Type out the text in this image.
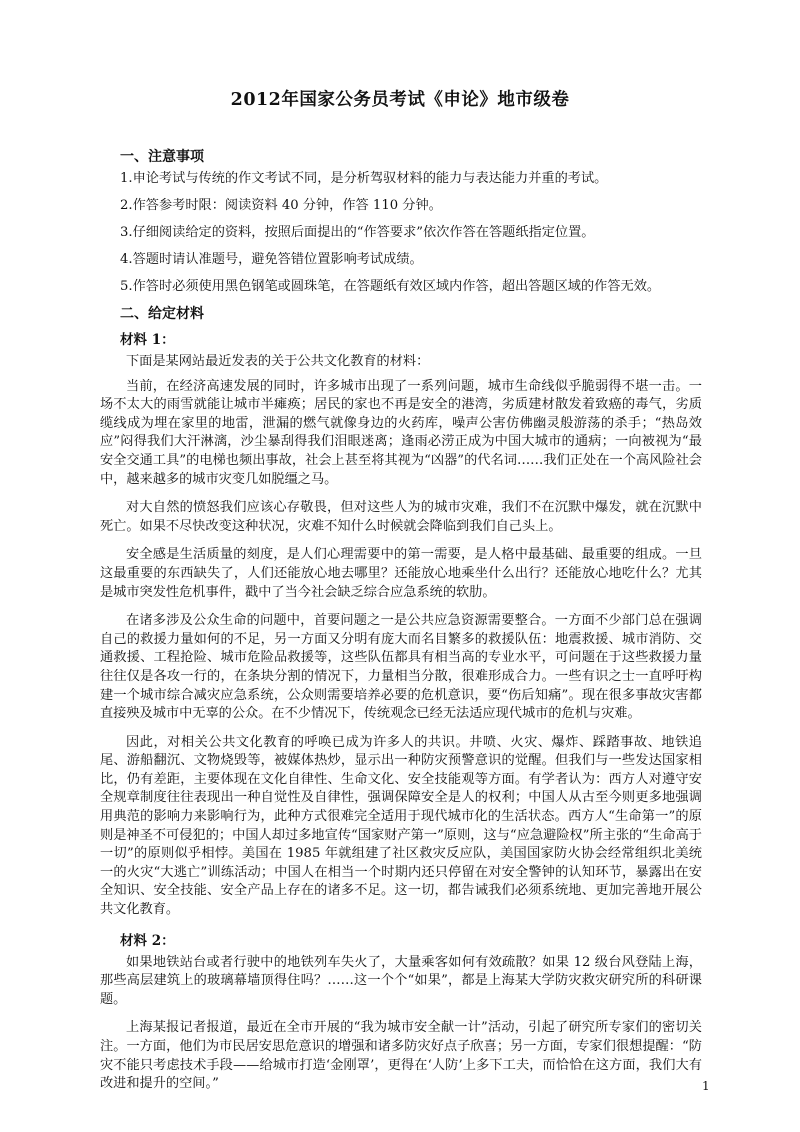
2012年国家公务员考试《申论》地市级卷
一、注意事项
1.申论考试与传统的作文考试不同，是分析驾驭材料的能力与表达能力并重的考试。
2.作答参考时限：阅读资料 40 分钟，作答 110 分钟。
3.仔细阅读给定的资料，按照后面提出的“作答要求”依次作答在答题纸指定位置。
4.答题时请认准题号，避免答错位置影响考试成绩。
5.作答时必须使用黑色钢笔或圆珠笔，在答题纸有效区域内作答，超出答题区域的作答无效。
二、给定材料
材料 1：
下面是某网站最近发表的关于公共文化教育的材料：
当前，在经济高速发展的同时，许多城市出现了一系列问题，城市生命线似乎脆弱得不堪一击。一场不太大的雨雪就能让城市半瘫痪；居民的家也不再是安全的港湾，劣质建材散发着致癌的毒气，劣质缆线成为埋在家里的地雷，泄漏的燃气就像身边的火药库，噪声公害仿佛幽灵般游荡的杀手；“热岛效应”闷得我们大汗淋漓，沙尘暴刮得我们泪眼迷离；逢雨必涝正成为中国大城市的通病；一向被视为“最安全交通工具”的电梯也频出事故，社会上甚至将其视为“凶器”的代名词……我们正处在一个高风险社会中，越来越多的城市灾变几如脱缰之马。
对大自然的愤怒我们应该心存敬畏，但对这些人为的城市灾难，我们不在沉默中爆发，就在沉默中死亡。如果不尽快改变这种状况，灾难不知什么时候就会降临到我们自己头上。
安全感是生活质量的刻度，是人们心理需要中的第一需要，是人格中最基础、最重要的组成。一旦这最重要的东西缺失了，人们还能放心地去哪里？还能放心地乘坐什么出行？还能放心地吃什么？尤其是城市突发性危机事件，戳中了当今社会缺乏综合应急系统的软肋。
在诸多涉及公众生命的问题中，首要问题之一是公共应急资源需要整合。一方面不少部门总在强调自己的救援力量如何的不足，另一方面又分明有庞大而名目繁多的救援队伍：地震救援、城市消防、交通救援、工程抢险、城市危险品救援等，这些队伍都具有相当高的专业水平，可问题在于这些救援力量往往仅是各攻一行的，在条块分割的情况下，力量相当分散，很难形成合力。一些有识之士一直呼吁构建一个城市综合减灾应急系统，公众则需要培养必要的危机意识，要“伤后知痛”。现在很多事故灾害都直接殃及城市中无辜的公众。在不少情况下，传统观念已经无法适应现代城市的危机与灾难。
因此，对相关公共文化教育的呼唤已成为许多人的共识。井喷、火灾、爆炸、踩踏事故、地铁追尾、游船翻沉、文物烧毁等，被媒体热炒，显示出一种防灾预警意识的觉醒。但我们与一些发达国家相比，仍有差距，主要体现在文化自律性、生命文化、安全技能观等方面。有学者认为：西方人对遵守安全规章制度往往表现出一种自觉性及自律性，强调保障安全是人的权利；中国人从古至今则更多地强调用典范的影响力来影响行为，此种方式很难完全适用于现代城市化的生活状态。西方人“生命第一”的原则是神圣不可侵犯的；中国人却过多地宣传“国家财产第一”原则，这与“应急避险权”所主张的“生命高于一切”的原则似乎相悖。美国在 1985 年就组建了社区救灾反应队，美国国家防火协会经常组织北美统一的火灾“大逃亡”训练活动；中国人在相当一个时期内还只停留在对安全警钟的认知环节，暴露出在安全知识、安全技能、安全产品上存在的诸多不足。这一切，都告诫我们必须系统地、更加完善地开展公共文化教育。
材料 2：
如果地铁站台或者行驶中的地铁列车失火了，大量乘客如何有效疏散？如果 12 级台风登陆上海，那些高层建筑上的玻璃幕墙顶得住吗？……这一个个“如果”，都是上海某大学防灾救灾研究所的科研课题。
上海某报记者报道，最近在全市开展的“我为城市安全献一计”活动，引起了研究所专家们的密切关注。一方面，他们为市民居安思危意识的增强和诸多防灾好点子欣喜；另一方面，专家们很想提醒：“防灾不能只考虑技术手段——给城市打造‘金刚罩’，更得在‘人防’上多下工夫，而恰恰在这方面，我们大有改进和提升的空间。”	1
